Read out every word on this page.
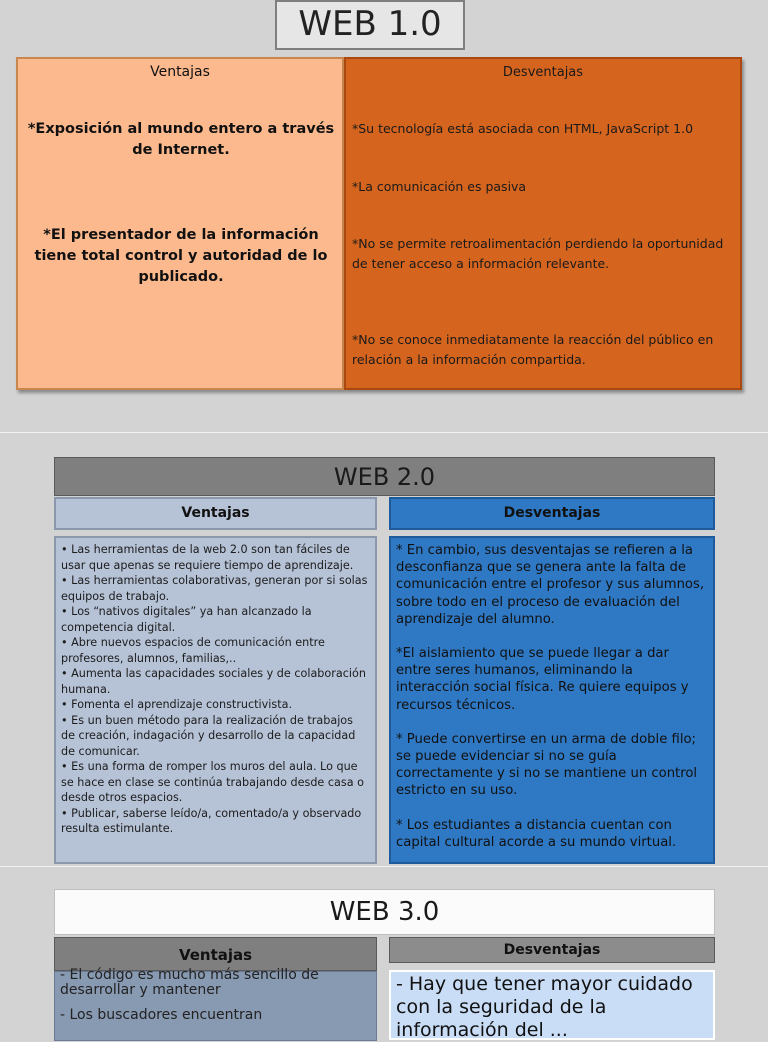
WEB 1.0
Ventajas
*Exposición al mundo entero a través de Internet.
*El presentador de la información tiene total control y autoridad de lo publicado.
Desventajas
*Su tecnología está asociada con HTML, JavaScript 1.0
*La comunicación es pasiva
*No se permite retroalimentación perdiendo la oportunidad de tener acceso a información relevante.
*No se conoce inmediatamente la reacción del público en relación a la información compartida.
WEB 2.0
Ventajas	Desventajas
• Las herramientas de la web 2.0 son tan fáciles de usar que apenas se requiere tiempo de aprendizaje.
• Las herramientas colaborativas, generan por si solas equipos de trabajo.
• Los “nativos digitales” ya han alcanzado la competencia digital.
• Abre nuevos espacios de comunicación entre profesores, alumnos, familias,..
• Aumenta las capacidades sociales y de colaboración humana.
• Fomenta el aprendizaje constructivista.
• Es un buen método para la realización de trabajos de creación, indagación y desarrollo de la capacidad de comunicar.
• Es una forma de romper los muros del aula. Lo que se hace en clase se continúa trabajando desde casa o desde otros espacios.
• Publicar, saberse leído/a, comentado/a y observado resulta estimulante.
* En cambio, sus desventajas se refieren a la desconfianza que se genera ante la falta de comunicación entre el profesor y sus alumnos, sobre todo en el proceso de evaluación del aprendizaje del alumno.
*El aislamiento que se puede llegar a dar entre seres humanos, eliminando la interacción social física. Re quiere equipos y recursos técnicos.
* Puede convertirse en un arma de doble filo; se puede evidenciar si no se guía correctamente y si no se mantiene un control estricto en su uso.
* Los estudiantes a distancia cuentan con capital cultural acorde a su mundo virtual.
WEB 3.0
Ventajas	Desventajas
- El código es mucho más sencillo de desarrollar y mantener
- Los buscadores encuentran
- Hay que tener mayor cuidado con la seguridad de la información del ...
